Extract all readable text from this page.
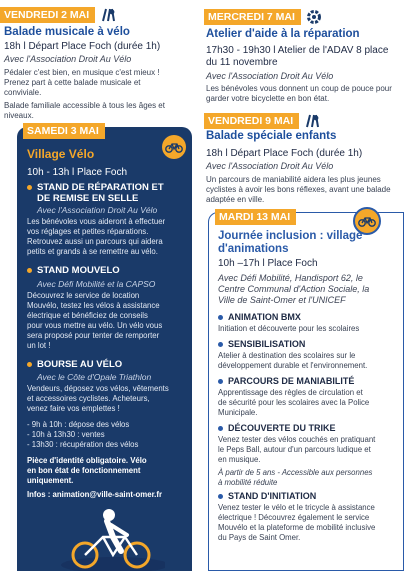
VENDREDI 2 MAI
Balade musicale à vélo
18h l Départ Place Foch (durée 1h)
Avec l'Association Droit Au Vélo
Pédaler c'est bien, en musique c'est mieux !
Prenez part à cette balade musicale et
conviviale.
Balade familiale accessible à tous les âges et
niveaux.
SAMEDI 3 MAI
Village Vélo
10h - 13h l Place Foch
STAND DE RÉPARATION ET
DE REMISE EN SELLE
Avec l'Association Droit Au Vélo
Les bénévoles vous aideront à effectuer
vos réglages et petites réparations.
Retrouvez aussi un parcours qui aidera
petits et grands à se remettre au vélo.
STAND MOUVELO
Avec Défi Mobilité et la CAPSO
Découvrez le service de location
Mouvélo, testez les vélos à assistance
électrique et bénéficiez de conseils
pour vous mettre au vélo. Un vélo vous
sera proposé pour tenter de remporter
un lot !
BOURSE AU VÉLO
Avec le Côte d'Opale Triathlon
Vendeurs, déposez vos vélos, vêtements
et accessoires cyclistes. Acheteurs,
venez faire vos emplettes !
- 9h à 10h : dépose des vélos
- 10h à 13h30 : ventes
- 13h30 : récupération des vélos
Pièce d'identité obligatoire. Vélo
en bon état de fonctionnement
uniquement.
Infos : animation@ville-saint-omer.fr
MERCREDI 7 MAI
Atelier d'aide à la réparation
17h30 - 19h30 l Atelier de l'ADAV 8 place
du 11 novembre
Avec l'Association Droit Au Vélo
Les bénévoles vous donnent un coup de pouce pour
garder votre bicyclette en bon état.
VENDREDI 9 MAI
Balade spéciale enfants
18h l Départ Place Foch (durée 1h)
Avec l'Association Droit Au Vélo
Un parcours de maniabilité aidera les plus jeunes
cyclistes à avoir les bons réflexes, avant une balade
adaptée en ville.
MARDI 13 MAI
Journée inclusion : village
d'animations
10h –17h l Place Foch
Avec Défi Mobilité, Handisport 62, le
Centre Communal d'Action Sociale, la
Ville de Saint-Omer et l'UNICEF
ANIMATION BMX
Initiation et découverte pour les scolaires
SENSIBILISATION
Atelier à destination des scolaires sur le
développement durable et l'environnement.
PARCOURS DE MANIABILITÉ
Apprentissage des règles de circulation et
de sécurité pour les scolaires avec la Police
Municipale.
DÉCOUVERTE DU TRIKE
Venez tester des vélos couchés en pratiquant
le Peps Ball, autour d'un parcours ludique et
en musique.
À partir de 5 ans - Accessible aux personnes
à mobilité réduite
STAND D'INITIATION
Venez tester le vélo et le tricycle à assistance
électrique ! Découvrez également le service
Mouvélo et la plateforme de mobilité inclusive
du Pays de Saint Omer.
